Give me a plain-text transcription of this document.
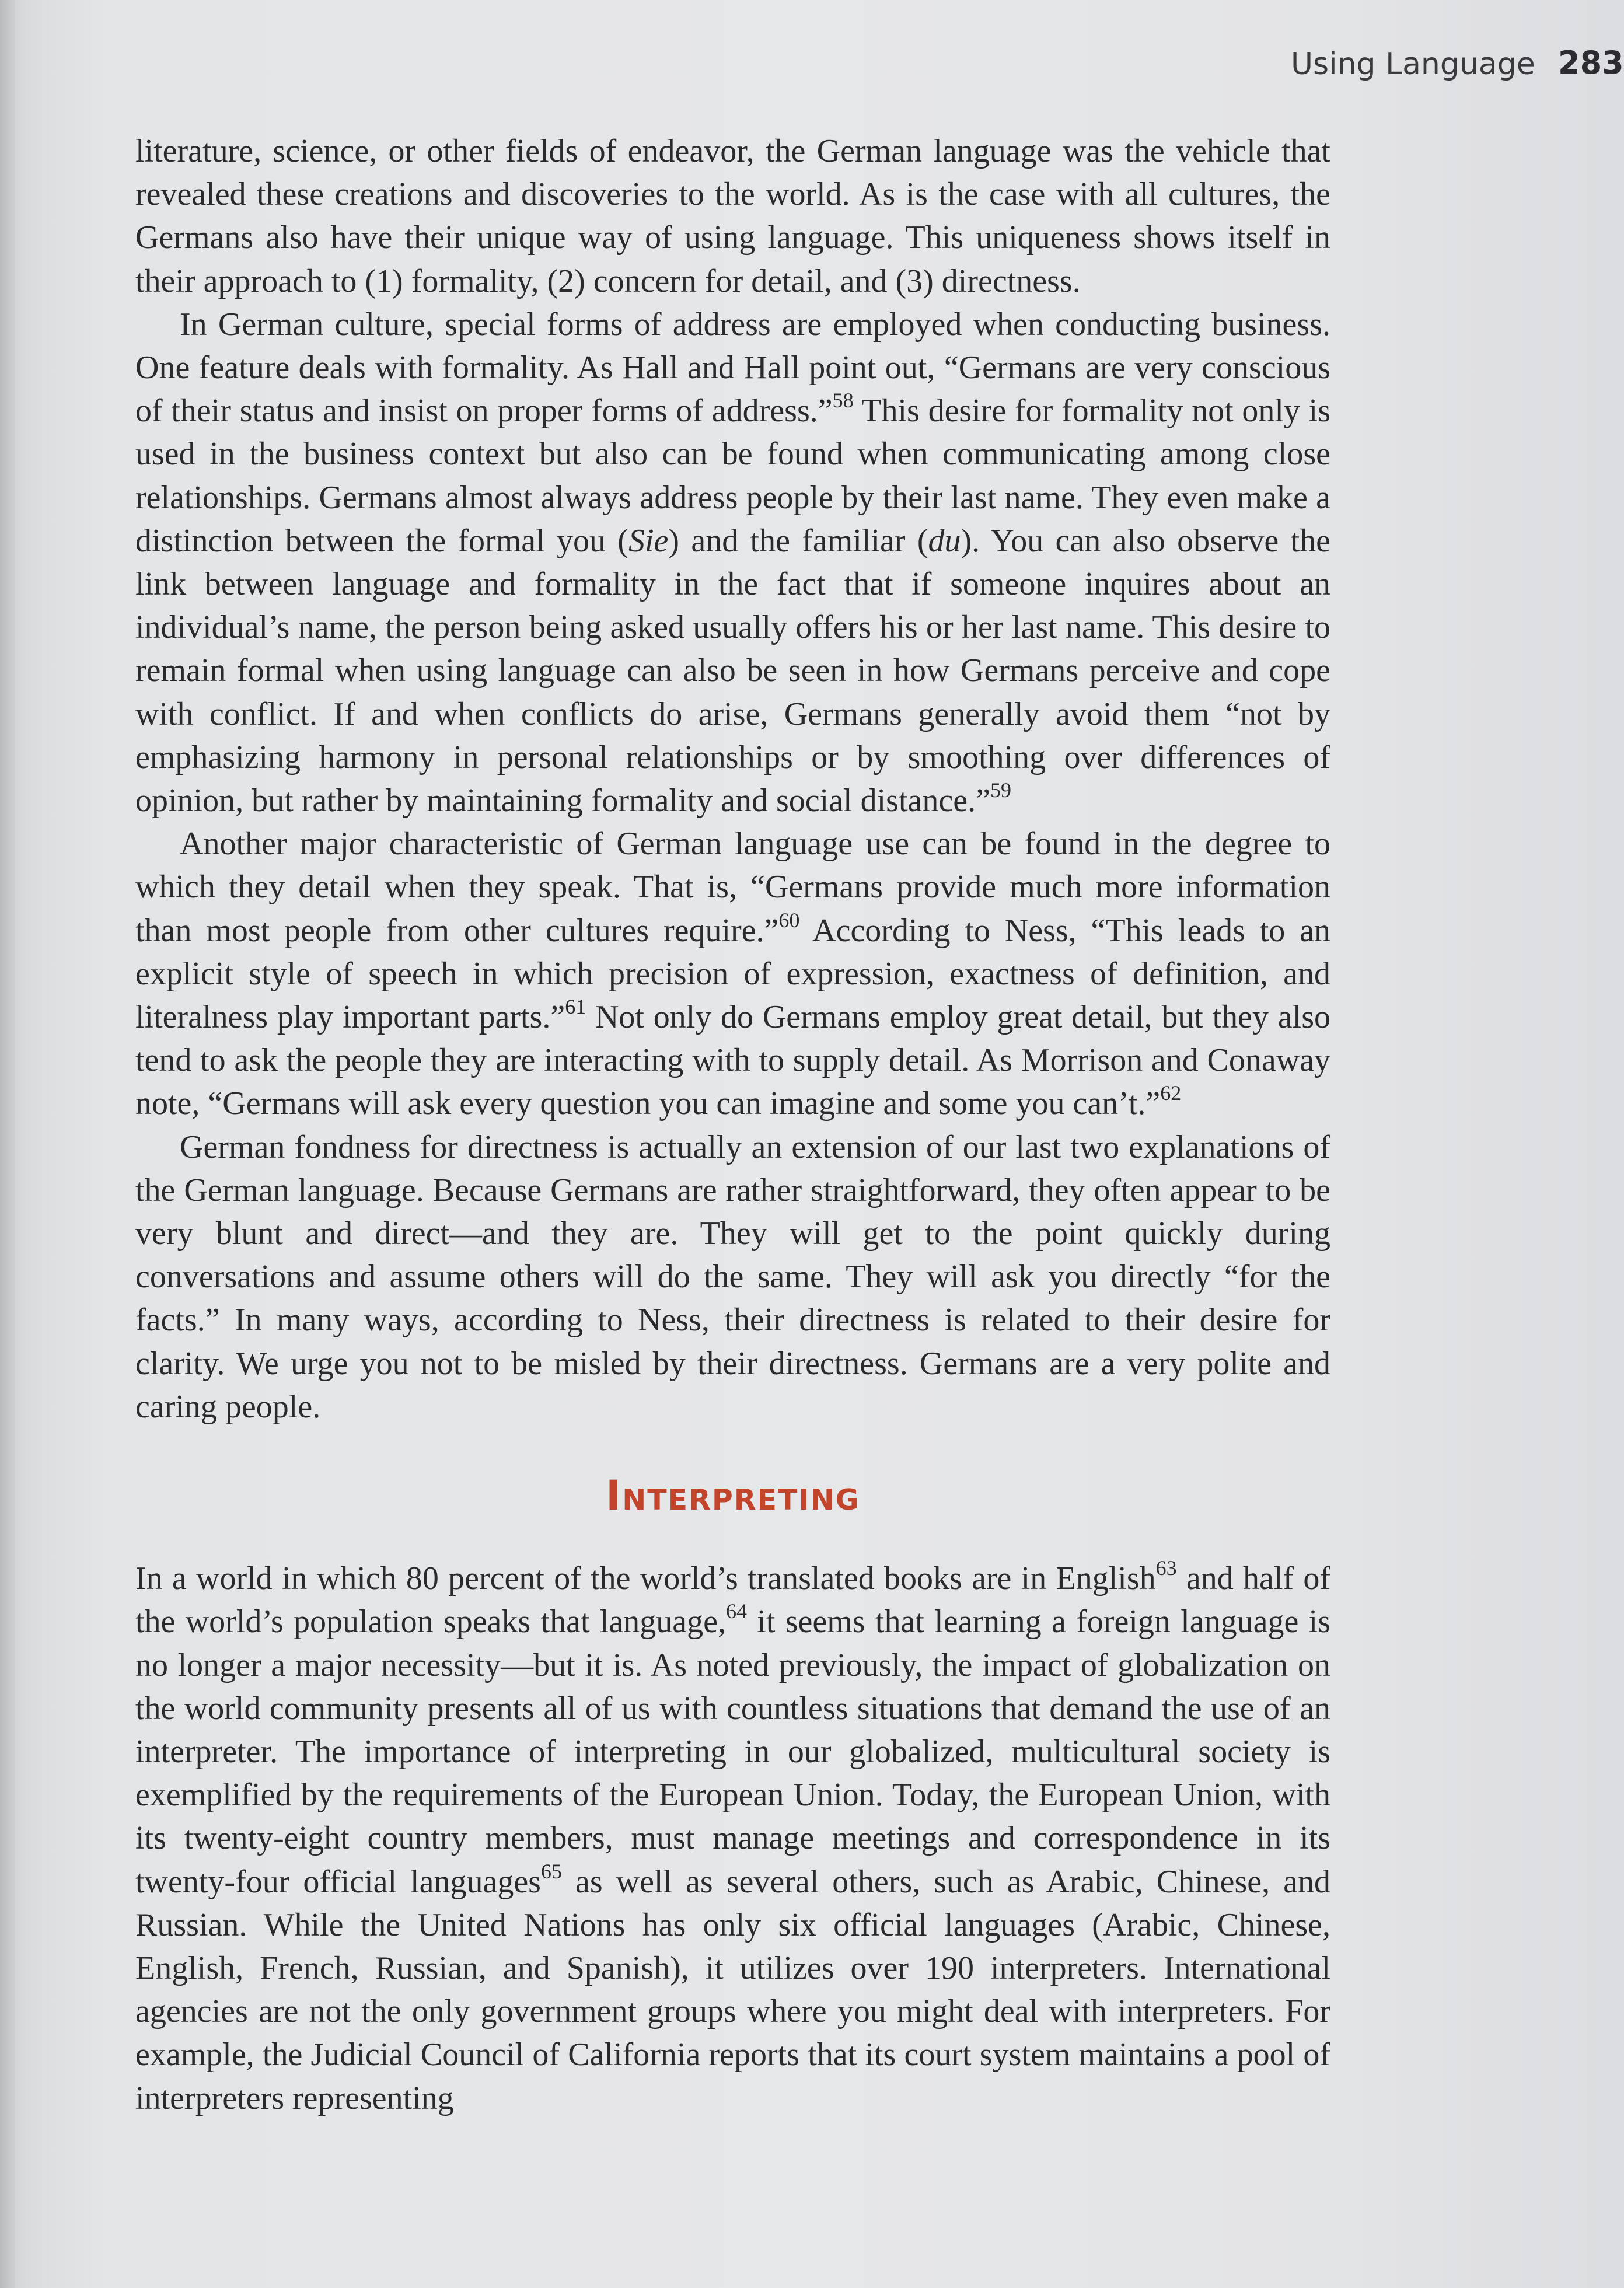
Using Language 283

literature, science, or other fields of endeavor, the German language was the vehicle that revealed these creations and discoveries to the world. As is the case with all cultures, the Germans also have their unique way of using language. This uniqueness shows itself in their approach to (1) formality, (2) concern for detail, and (3) directness.

In German culture, special forms of address are employed when conducting business. One feature deals with formality. As Hall and Hall point out, “Germans are very conscious of their status and insist on proper forms of address.”$^{58}$ This desire for formality not only is used in the business context but also can be found when communicating among close relationships. Germans almost always address people by their last name. They even make a distinction between the formal you (Sie) and the familiar (du). You can also observe the link between language and formality in the fact that if someone inquires about an individual’s name, the person being asked usually offers his or her last name. This desire to remain formal when using language can also be seen in how Germans perceive and cope with conflict. If and when conflicts do arise, Germans generally avoid them “not by emphasizing harmony in personal relationships or by smoothing over differences of opinion, but rather by maintaining formality and social distance.”$^{59}$

Another major characteristic of German language use can be found in the degree to which they detail when they speak. That is, “Germans provide much more information than most people from other cultures require.”$^{60}$ According to Ness, “This leads to an explicit style of speech in which precision of expression, exactness of definition, and literalness play important parts.”$^{61}$ Not only do Germans employ great detail, but they also tend to ask the people they are interacting with to supply detail. As Morrison and Conaway note, “Germans will ask every question you can imagine and some you can’t.”$^{62}$

German fondness for directness is actually an extension of our last two explanations of the German language. Because Germans are rather straightforward, they often appear to be very blunt and direct—and they are. They will get to the point quickly during conversations and assume others will do the same. They will ask you directly “for the facts.” In many ways, according to Ness, their directness is related to their desire for clarity. We urge you not to be misled by their directness. Germans are a very polite and caring people.

Interpreting

In a world in which 80 percent of the world’s translated books are in English$^{63}$ and half of the world’s population speaks that language,$^{64}$ it seems that learning a foreign language is no longer a major necessity—but it is. As noted previously, the impact of globalization on the world community presents all of us with countless situations that demand the use of an interpreter. The importance of interpreting in our globalized, multicultural society is exemplified by the requirements of the European Union. Today, the European Union, with its twenty-eight country members, must manage meetings and correspondence in its twenty-four official languages$^{65}$ as well as several others, such as Arabic, Chinese, and Russian. While the United Nations has only six official languages (Arabic, Chinese, English, French, Russian, and Spanish), it utilizes over 190 interpreters. International agencies are not the only government groups where you might deal with interpreters. For example, the Judicial Council of California reports that its court system maintains a pool of interpreters representing
